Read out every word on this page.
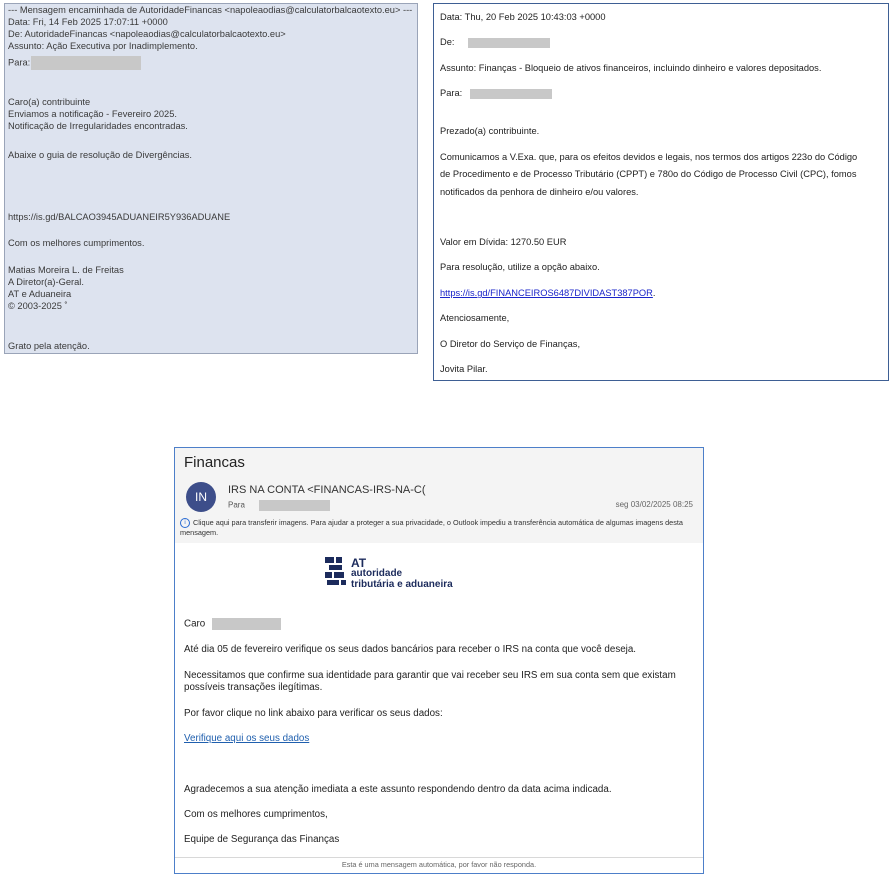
--- Mensagem encaminhada de AutoridadeFinancas <napoleaodias@calculatorbalcaotexto.eu> ---
Data: Fri, 14 Feb 2025 17:07:11 +0000
De: AutoridadeFinancas <napoleaodias@calculatorbalcaotexto.eu>
Assunto: Ação Executiva por Inadimplemento.
Para:
Caro(a) contribuinte
Enviamos a notificação - Fevereiro 2025.
Notificação de Irregularidades encontradas.
Abaixe o guia de resolução de Divergências.
https://is.gd/BALCAO3945ADUANEIR5Y936ADUANE
Com os melhores cumprimentos.
Matias Moreira L. de Freitas
A Diretor(a)-Geral.
AT e Aduaneira
© 2003-2025 ˚
Grato pela atenção.
Data: Thu, 20 Feb 2025 10:43:03 +0000
De:
Assunto: Finanças - Bloqueio de ativos financeiros, incluindo dinheiro e valores depositados.
Para:
Prezado(a) contribuinte.
Comunicamos a V.Exa. que, para os efeitos devidos e legais, nos termos dos artigos 223o do Código
de Procedimento e de Processo Tributário (CPPT) e 780o do Código de Processo Civil (CPC), fomos
notificados da penhora de dinheiro e/ou valores.
Valor em Dívida: 1270.50 EUR
Para resolução, utilize a opção abaixo.
https://is.gd/FINANCEIROS6487DIVIDAST387POR.
Atenciosamente,
O Diretor do Serviço de Finanças,
Jovita Pilar.
Financas
IN	IRS NA CONTA <FINANCAS-IRS-NA-C(
Para	seg 03/02/2025 08:25
i Clique aqui para transferir imagens. Para ajudar a proteger a sua privacidade, o Outlook impediu a transferência automática de algumas imagens desta mensagem.
AT
autoridade
tributária e aduaneira
Caro
Até dia 05 de fevereiro verifique os seus dados bancários para receber o IRS na conta que você deseja.
Necessitamos que confirme sua identidade para garantir que vai receber seu IRS em sua conta sem que existam possíveis transações ilegítimas.
Por favor clique no link abaixo para verificar os seus dados:
Verifique aqui os seus dados
Agradecemos a sua atenção imediata a este assunto respondendo dentro da data acima indicada.
Com os melhores cumprimentos,
Equipe de Segurança das Finanças
Esta é uma mensagem automática, por favor não responda.
